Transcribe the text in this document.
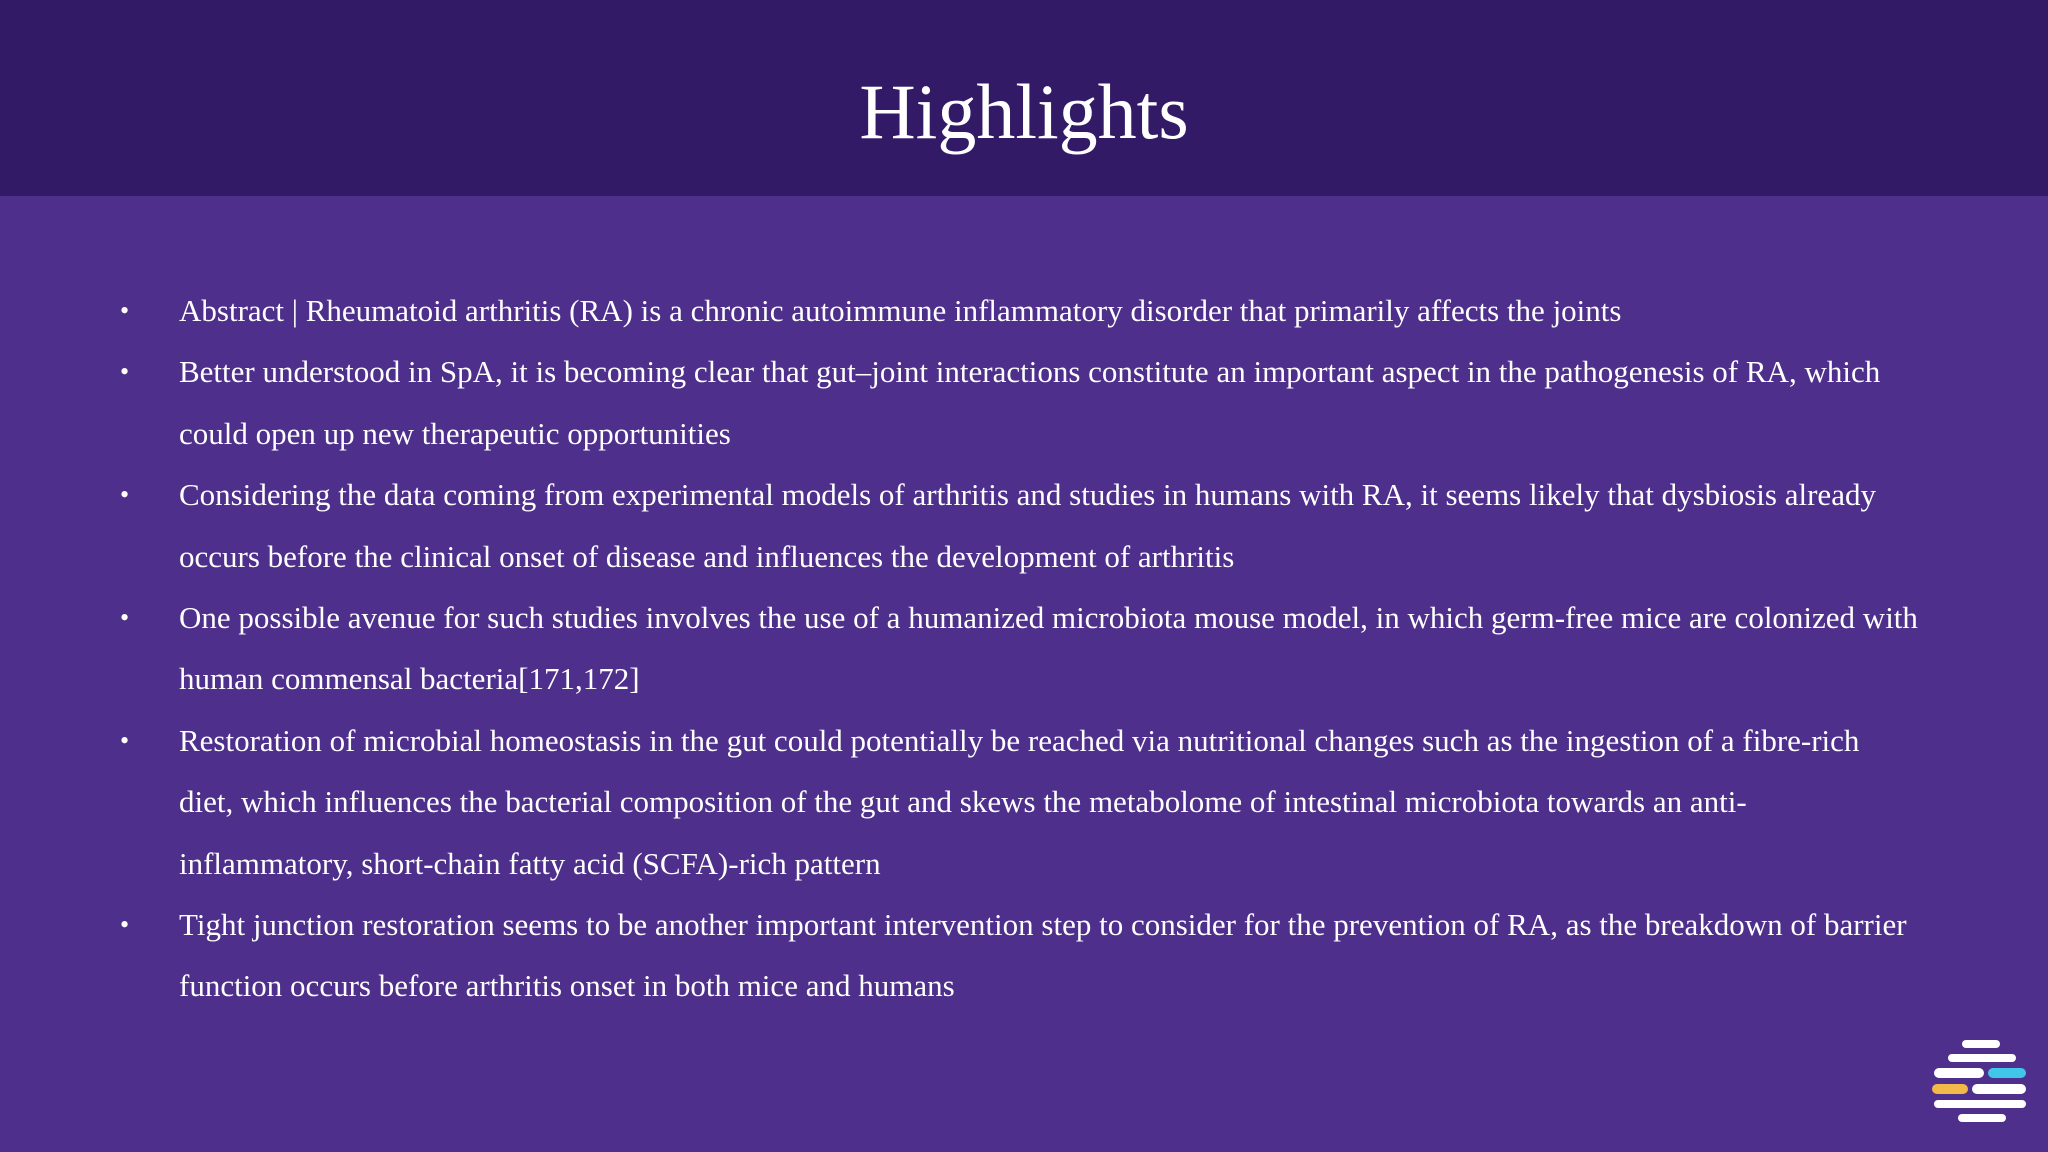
Highlights
•	Abstract | Rheumatoid arthritis (RA) is a chronic autoimmune inflammatory disorder that primarily affects the joints
•	Better understood in SpA, it is becoming clear that gut–joint interactions constitute an important aspect in the pathogenesis of RA, which could open up new therapeutic opportunities
•	Considering the data coming from experimental models of arthritis and studies in humans with RA, it seems likely that dysbiosis already occurs before the clinical onset of disease and influences the development of arthritis
•	One possible avenue for such studies involves the use of a humanized microbiota mouse model, in which germ-free mice are colonized with human commensal bacteria[171,172]
•	Restoration of microbial homeostasis in the gut could potentially be reached via nutritional changes such as the ingestion of a fibre-rich diet, which influences the bacterial composition of the gut and skews the metabolome of intestinal microbiota towards an anti-inflammatory, short-chain fatty acid (SCFA)-rich pattern
•	Tight junction restoration seems to be another important intervention step to consider for the prevention of RA, as the breakdown of barrier function occurs before arthritis onset in both mice and humans
